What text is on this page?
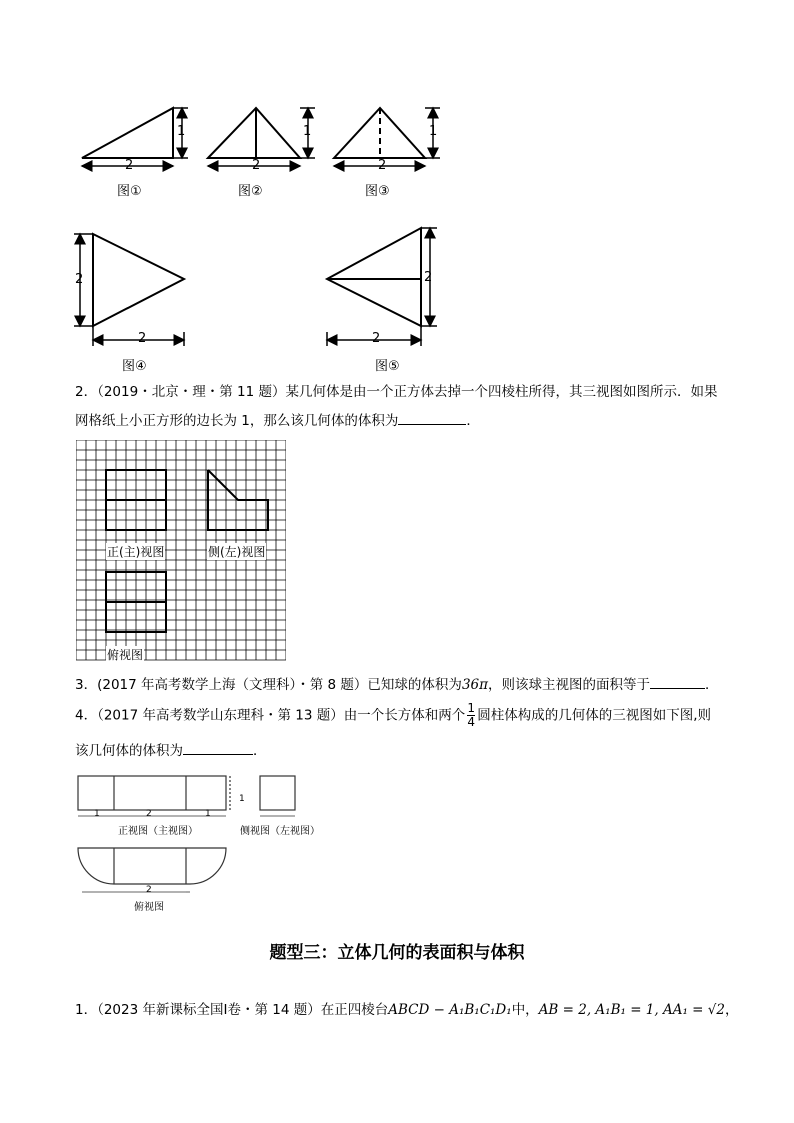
2
1
2
1
2
1
图①	图②	图③
2
2
2
2
图④	图⑤
2．（2019・北京・理・第 11 题）某几何体是由一个正方体去掉一个四棱柱所得，其三视图如图所示．如果
网格纸上小正方形的边长为 1，那么该几何体的体积为	．
正(主)视图	侧(左)视图
俯视图
3．(2017 年高考数学上海（文理科）・第 8 题）已知球的体积为36π，则该球主视图的面积等于	．
4．（2017 年高考数学山东理科・第 13 题）由一个长方体和两个 $\frac{1}{4}$ 圆柱体构成的几何体的三视图如下图,则
该几何体的体积为	．
1	2	1
1
2
正视图（主视图）	侧视图（左视图）
俯视图
题型三：立体几何的表面积与体积
1．（2023 年新课标全国Ⅰ卷・第 14 题）在正四棱台ABCD − A₁B₁C₁D₁中，AB = 2, A₁B₁ = 1, AA₁ = √2，
